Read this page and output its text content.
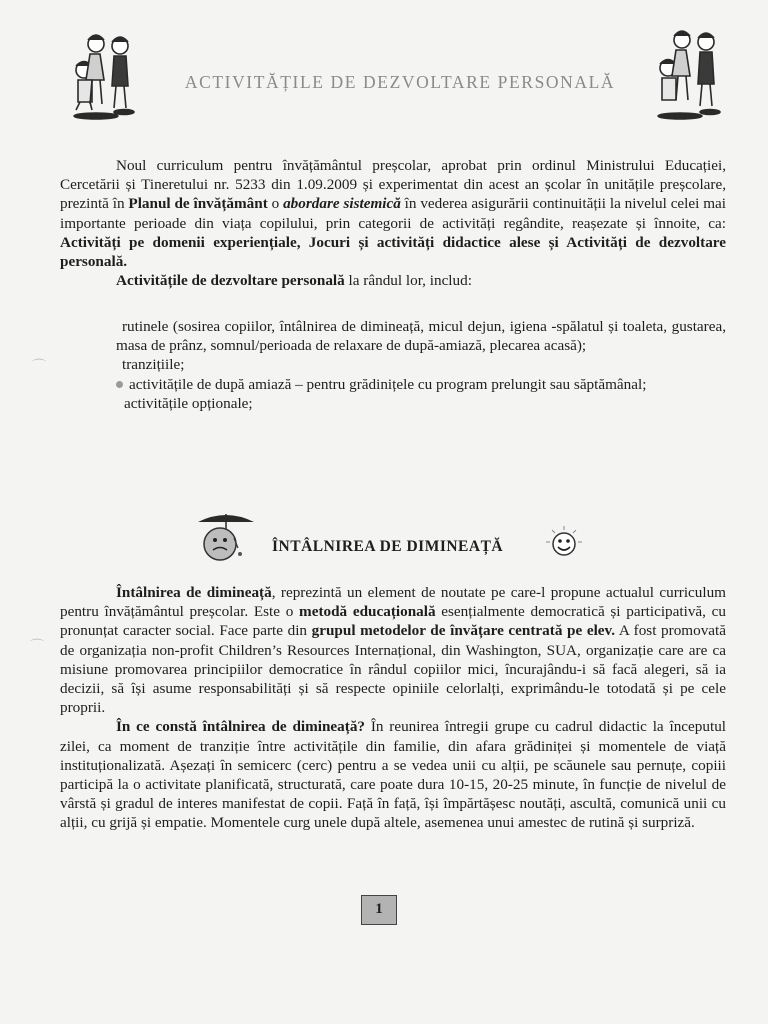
ACTIVITĂȚILE DE DEZVOLTARE PERSONALĂ

Noul curriculum pentru învățământul preșcolar, aprobat prin ordinul Ministrului Educației, Cercetării și Tineretului nr. 5233 din 1.09.2009 și experimentat din acest an școlar în unitățile preșcolare, prezintă în Planul de învățământ o abordare sistemică în vederea asigurării continuității la nivelul celei mai importante perioade din viața copilului, prin categorii de activități regândite, reașezate și înnoite, ca: Activități pe domenii experiențiale, Jocuri și activități didactice alese și Activități de dezvoltare personală.

Activitățile de dezvoltare personală la rândul lor, includ:

rutinele (sosirea copiilor, întâlnirea de dimineață, micul dejun, igiena -spălatul și toaleta, gustarea, masa de prânz, somnul/perioada de relaxare de după-amiază, plecarea acasă);
tranzițiile;
activitățile de după amiază – pentru grădinițele cu program prelungit sau săptămânal;
activitățile opționale;
ÎNTÂLNIREA DE DIMINEAȚĂ

Întâlnirea de dimineață, reprezintă un element de noutate pe care-l propune actualul curriculum pentru învățământul preșcolar. Este o metodă educațională esențialmente democratică și participativă, cu pronunțat caracter social. Face parte din grupul metodelor de învățare centrată pe elev. A fost promovată de organizația non-profit Children’s Resources Internațional, din Washington, SUA, organizație care are ca misiune promovarea principiilor democratice în rândul copiilor mici, încurajându-i să facă alegeri, să ia decizii, să își asume responsabilități și să respecte opiniile celorlalți, exprimându-le totodată și pe cele proprii.

În ce constă întâlnirea de dimineață? În reunirea întregii grupe cu cadrul didactic la începutul zilei, ca moment de tranziție între activitățile din familie, din afara grădiniței și momentele de viață instituționalizată. Așezați în semicerc (cerc) pentru a se vedea unii cu alții, pe scăunele sau pernuțe, copiii participă la o activitate planificată, structurată, care poate dura 10-15, 20-25 minute, în funcție de nivelul de vârstă și gradul de interes manifestat de copii. Față în față, își împărtășesc noutăți, ascultă, comunică unii cu alții, cu grijă și empatie. Momentele curg unele după altele, asemenea unui amestec de rutină și surpriză.

1
⌒
⌒
